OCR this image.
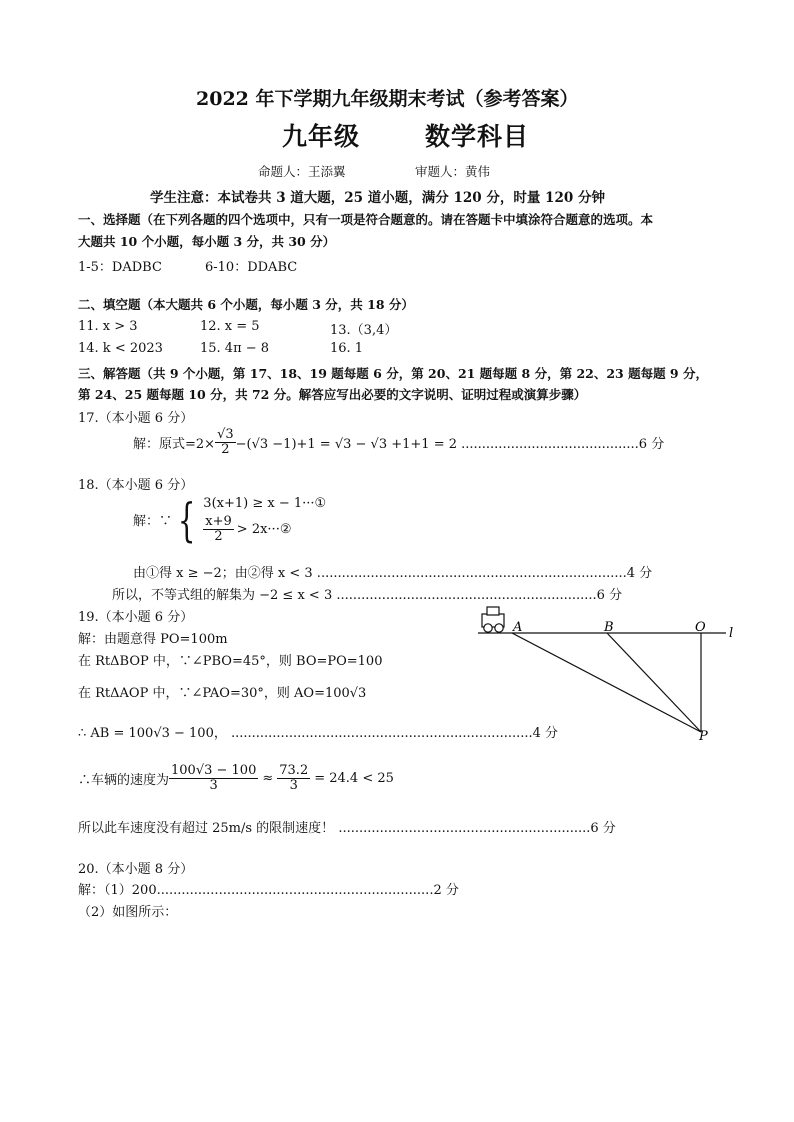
2022 年下学期九年级期末考试（参考答案）
九年级	数学科目
命题人：王添翼	审题人：黄伟
学生注意：本试卷共 3 道大题，25 道小题，满分 120 分，时量 120 分钟
一、选择题（在下列各题的四个选项中，只有一项是符合题意的。请在答题卡中填涂符合题意的选项。本
大题共 10 个小题，每小题 3 分，共 30 分）
1-5：DADBC	6-10：DDABC
二、填空题（本大题共 6 个小题，每小题 3 分，共 18 分）
11. x > 3	12. x = 5	13.（3,4）
14. k < 2023	15. 4π − 8	16. 1
三、解答题（共 9 个小题，第 17、18、19 题每题 6 分，第 20、21 题每题 8 分，第 22、23 题每题 9 分，
第 24、25 题每题 10 分，共 72 分。解答应写出必要的文字说明、证明过程或演算步骤）
17.（本小题 6 分）
解：原式$=2\times \frac{√3}{2} -(√3 -1)+1 = √3 - √3 +1+1 = 2$ ...........................................6 分
18.（本小题 6 分）
解：∵ { 3(x+1) ≥ x − 1···①
$\frac{x+9}{2}$ > 2x···②
由①得 x ≥ −2；由②得 x < 3 ...........................................................................4 分
所以，不等式组的解集为 −2 ≤ x < 3 ...............................................................6 分
19.（本小题 6 分）
解：由题意得 PO=100m
在 RtΔBOP 中，∵∠PBO=45°，则 BO=PO=100
在 RtΔAOP 中，∵∠PAO=30°，则 AO=100√3
∴ AB = 100√3 − 100， .........................................................................4 分
∴车辆的速度为 $\frac{100√3 - 100}{3} \approx \frac{73.2}{3} = 24.4 < 25$
所以此车速度没有超过 25m/s 的限制速度！ .............................................................6 分
A	B	O l
P
20.（本小题 8 分）
解：（1）200...................................................................2 分
（2）如图所示：
